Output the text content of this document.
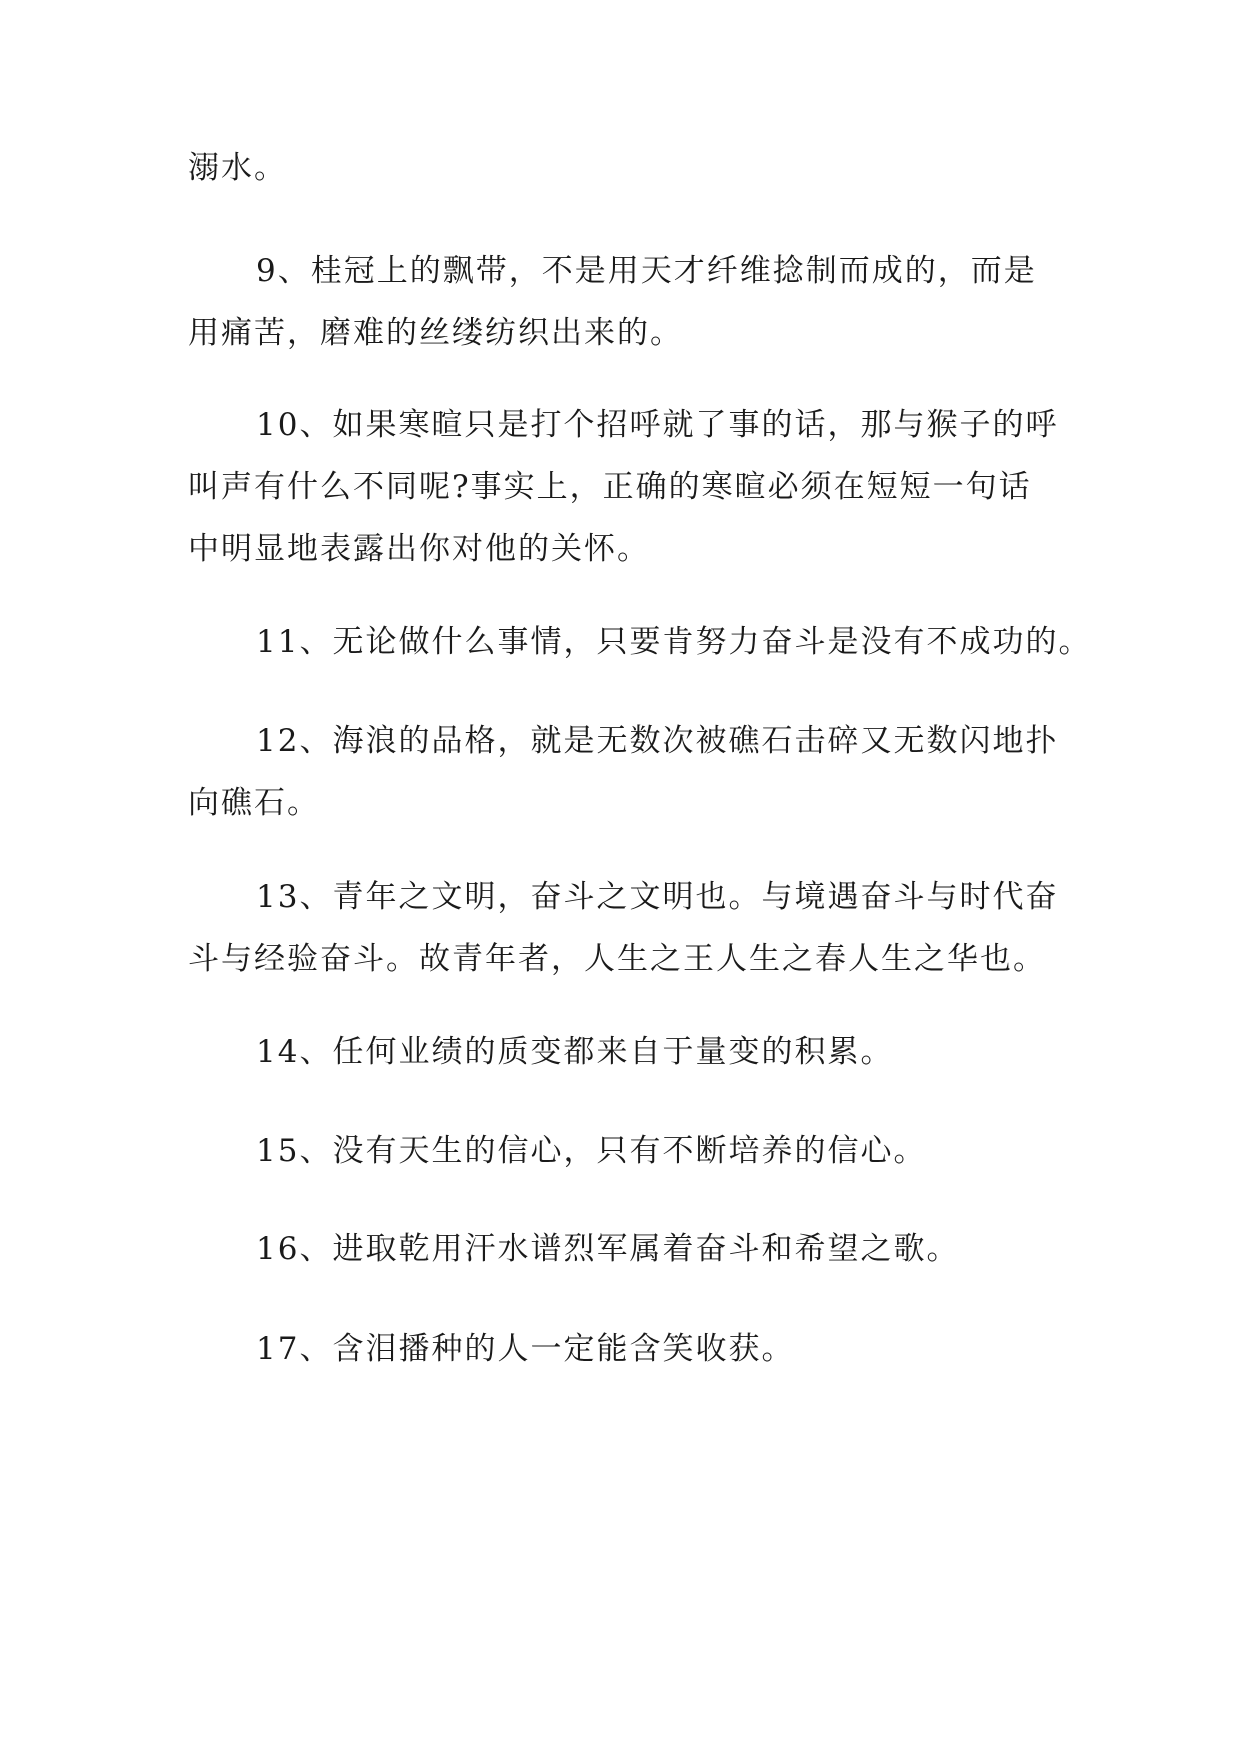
溺水。

9、桂冠上的飘带，不是用天才纤维捻制而成的，而是
用痛苦，磨难的丝缕纺织出来的。

10、如果寒暄只是打个招呼就了事的话，那与猴子的呼
叫声有什么不同呢?事实上，正确的寒暄必须在短短一句话
中明显地表露出你对他的关怀。

11、无论做什么事情，只要肯努力奋斗是没有不成功的。

12、海浪的品格，就是无数次被礁石击碎又无数闪地扑
向礁石。

13、青年之文明，奋斗之文明也。与境遇奋斗与时代奋
斗与经验奋斗。故青年者，人生之王人生之春人生之华也。

14、任何业绩的质变都来自于量变的积累。

15、没有天生的信心，只有不断培养的信心。

16、进取乾用汗水谱烈军属着奋斗和希望之歌。

17、含泪播种的人一定能含笑收获。
